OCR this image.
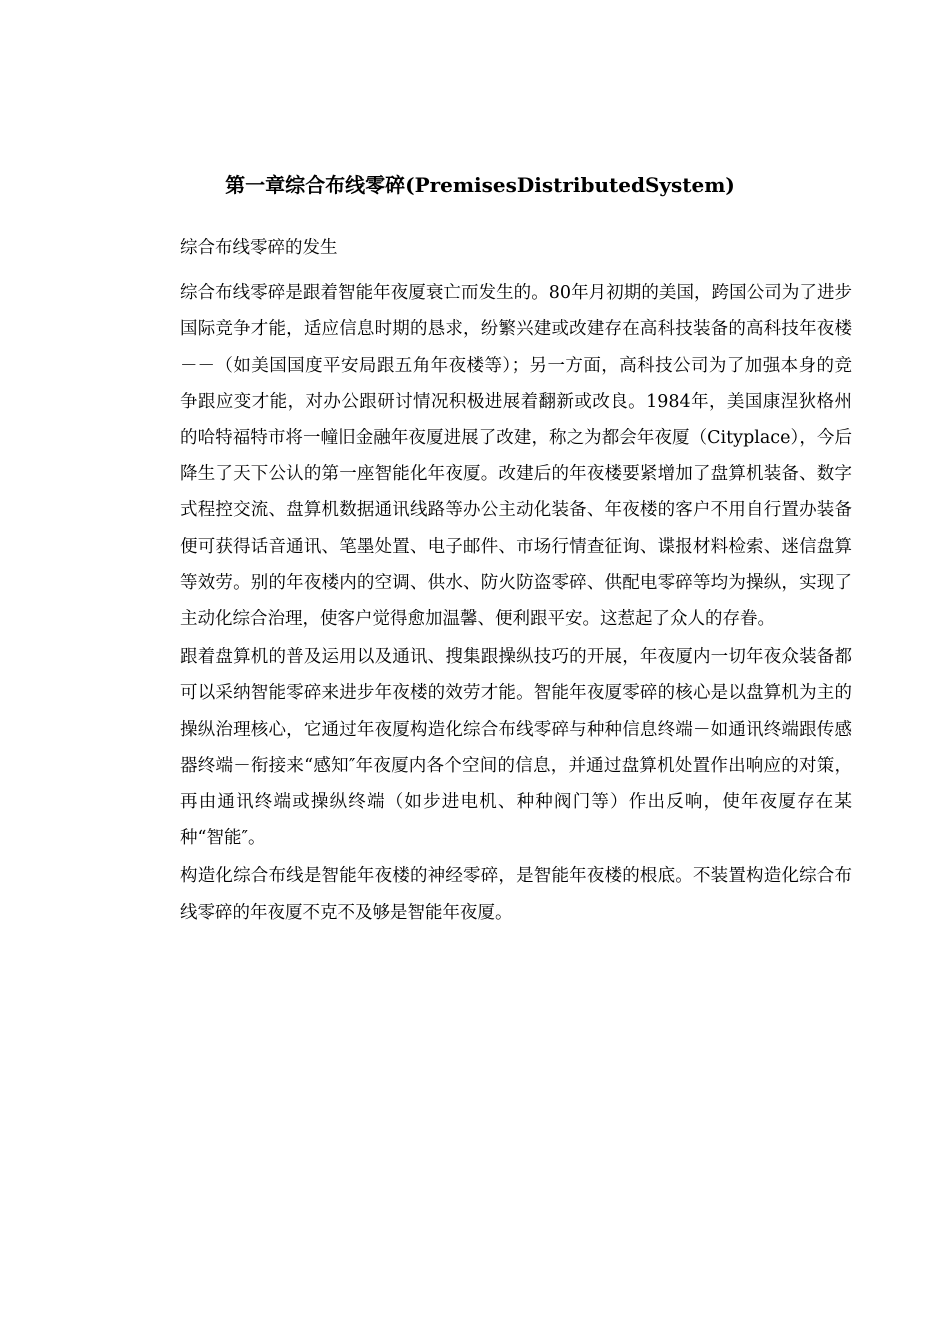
第一章综合布线零碎(PremisesDistributedSystem)

综合布线零碎的发生

综合布线零碎是跟着智能年夜厦衰亡而发生的。80年月初期的美国，跨国公司为了进步国际竞争才能，适应信息时期的恳求，纷繁兴建或改建存在高科技装备的高科技年夜楼－－（如美国国度平安局跟五角年夜楼等）；另一方面，高科技公司为了加强本身的竞争跟应变才能，对办公跟研讨情况积极进展着翻新或改良。1984年，美国康涅狄格州的哈特福特市将一幢旧金融年夜厦进展了改建，称之为都会年夜厦（Cityplace），今后降生了天下公认的第一座智能化年夜厦。改建后的年夜楼要紧增加了盘算机装备、数字式程控交流、盘算机数据通讯线路等办公主动化装备、年夜楼的客户不用自行置办装备便可获得话音通讯、笔墨处置、电子邮件、市场行情查征询、谍报材料检索、迷信盘算等效劳。别的年夜楼内的空调、供水、防火防盗零碎、供配电零碎等均为操纵，实现了主动化综合治理，使客户觉得愈加温馨、便利跟平安。这惹起了众人的存眷。

跟着盘算机的普及运用以及通讯、搜集跟操纵技巧的开展，年夜厦内一切年夜众装备都可以采纳智能零碎来进步年夜楼的效劳才能。智能年夜厦零碎的核心是以盘算机为主的操纵治理核心，它通过年夜厦构造化综合布线零碎与种种信息终端－如通讯终端跟传感器终端－衔接来“感知″年夜厦内各个空间的信息，并通过盘算机处置作出响应的对策，再由通讯终端或操纵终端（如步进电机、种种阀门等）作出反响，使年夜厦存在某种“智能″。

构造化综合布线是智能年夜楼的神经零碎，是智能年夜楼的根底。不装置构造化综合布线零碎的年夜厦不克不及够是智能年夜厦。
